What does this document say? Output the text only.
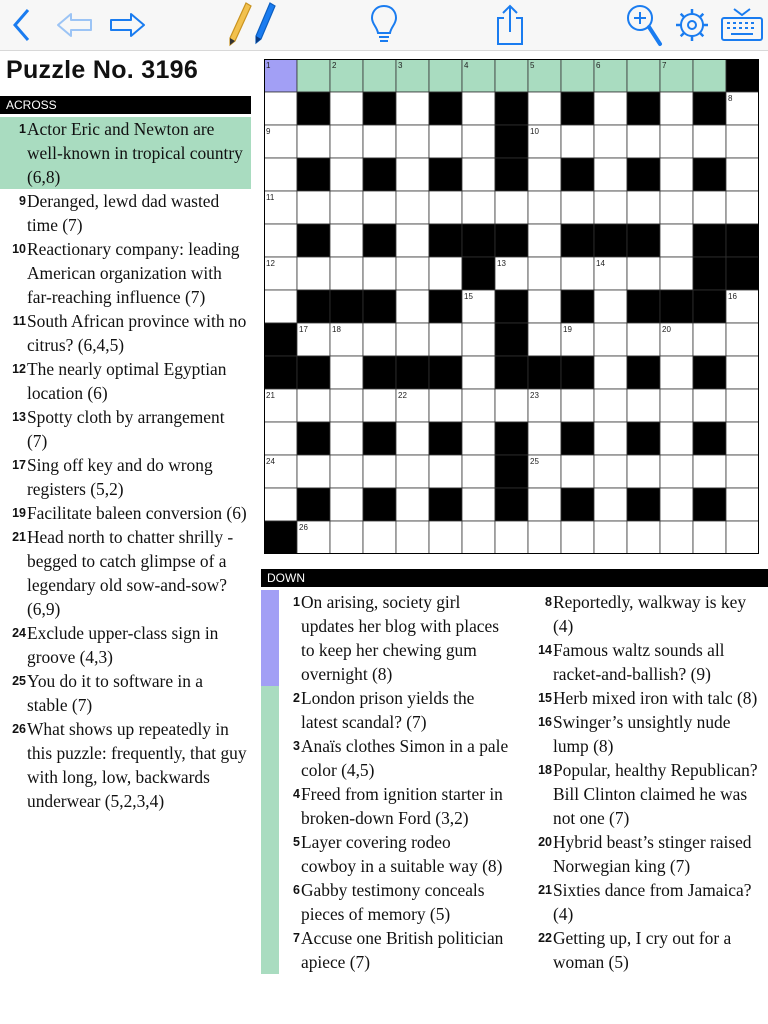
Puzzle No. 3196
ACROSS
1 Actor Eric and Newton are well-known in tropical country (6,8)
9 Deranged, lewd dad wasted time (7)
10 Reactionary company: leading American organization with far-reaching influence (7)
11 South African province with no citrus? (6,4,5)
12 The nearly optimal Egyptian location (6)
13 Spotty cloth by arrangement (7)
17 Sing off key and do wrong registers (5,2)
19 Facilitate baleen conversion (6)
21 Head north to chatter shrilly - begged to catch glimpse of a legendary old sow-and-sow? (6,9)
24 Exclude upper-class sign in groove (4,3)
25 You do it to software in a stable (7)
26 What shows up repeatedly in this puzzle: frequently, that guy with long, low, backwards underwear (5,2,3,4)
1	2	3	4	5	6	7
8
9	10
11
12	13	14
15	16
17	18	19	20
21	22	23
24	25
26
DOWN
1 On arising, society girl updates her blog with places to keep her chewing gum overnight (8)
2 London prison yields the latest scandal? (7)
3 Anaïs clothes Simon in a pale color (4,5)
4 Freed from ignition starter in broken-down Ford (3,2)
5 Layer covering rodeo cowboy in a suitable way (8)
6 Gabby testimony conceals pieces of memory (5)
7 Accuse one British politician apiece (7)
8 Reportedly, walkway is key (4)
14 Famous waltz sounds all racket-and-ballish? (9)
15 Herb mixed iron with talc (8)
16 Swinger’s unsightly nude lump (8)
18 Popular, healthy Republican? Bill Clinton claimed he was not one (7)
20 Hybrid beast’s stinger raised Norwegian king (7)
21 Sixties dance from Jamaica? (4)
22 Getting up, I cry out for a woman (5)
